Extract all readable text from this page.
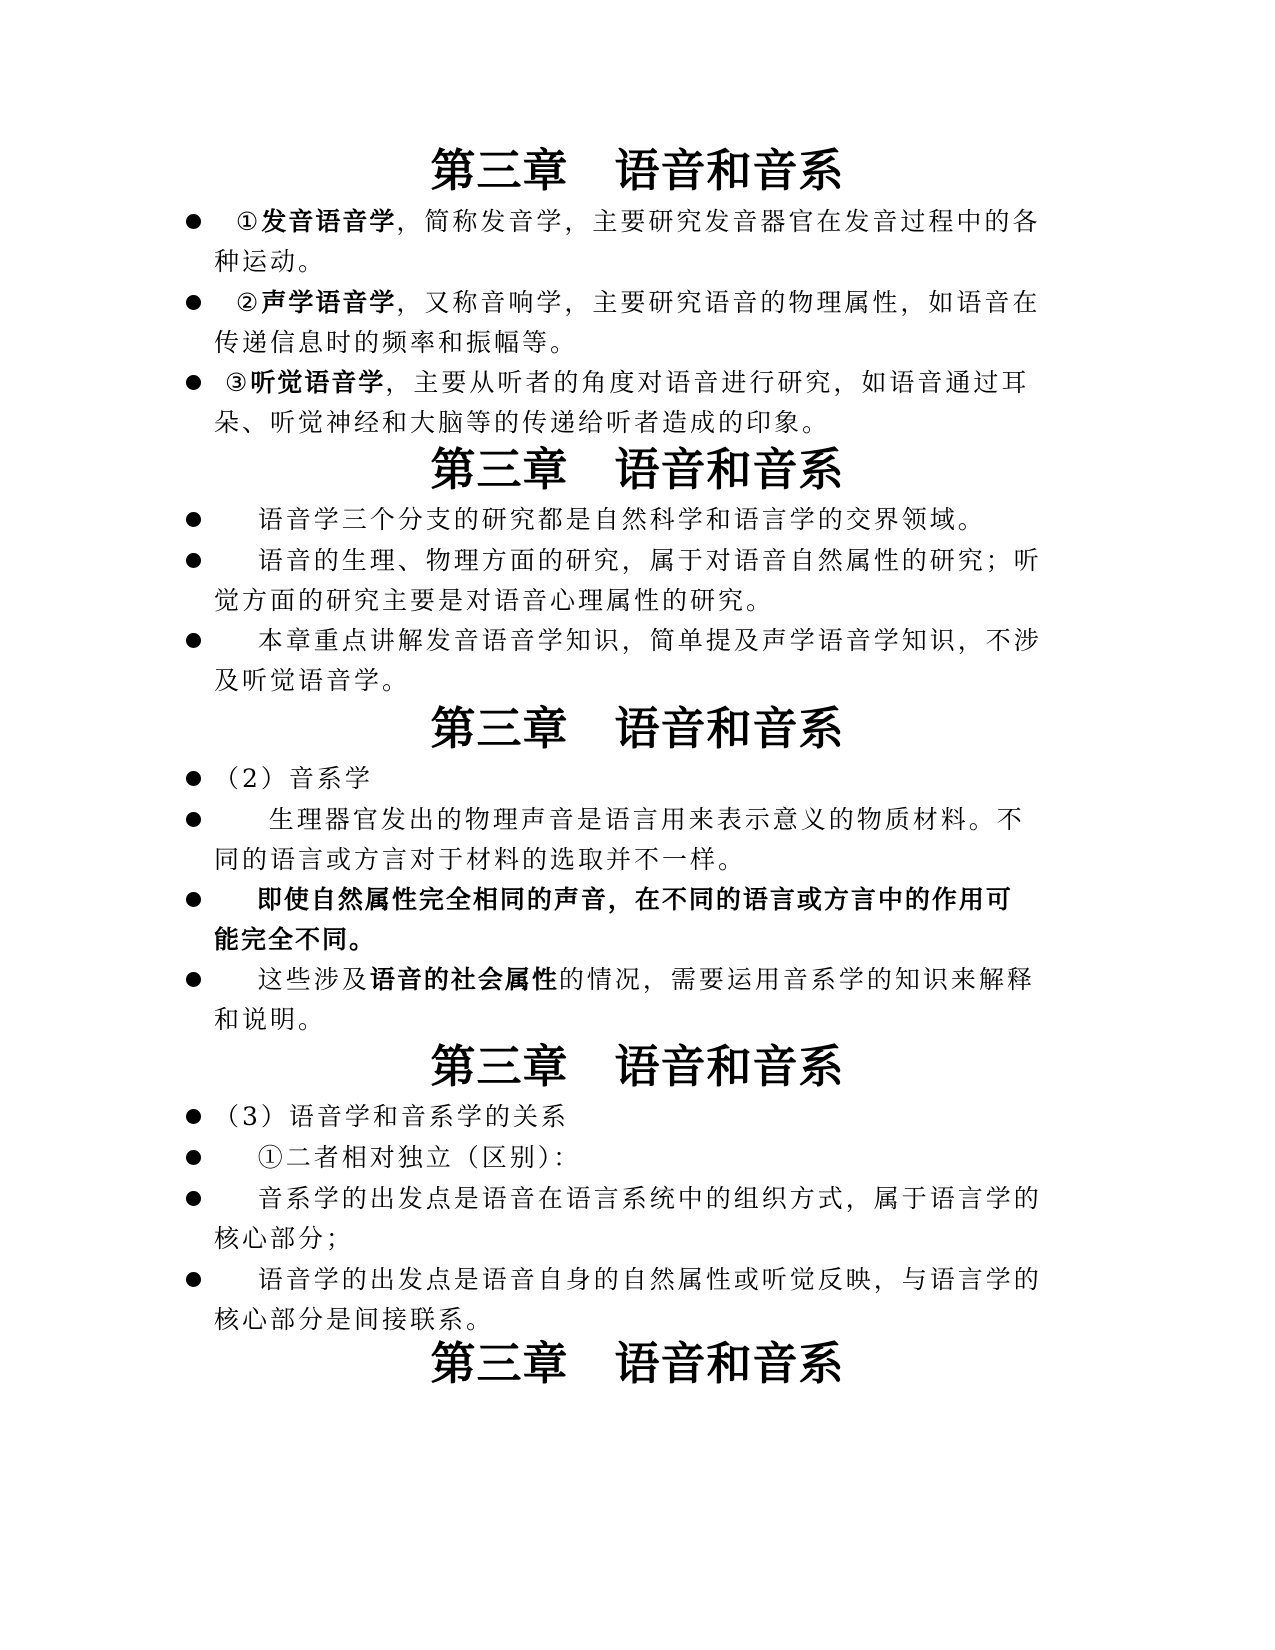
第三章　语音和音系
①发音语音学，简称发音学，主要研究发音器官在发音过程中的各
种运动。
②声学语音学，又称音响学，主要研究语音的物理属性，如语音在
传递信息时的频率和振幅等。
③听觉语音学，主要从听者的角度对语音进行研究，如语音通过耳
朵、听觉神经和大脑等的传递给听者造成的印象。
第三章　语音和音系
语音学三个分支的研究都是自然科学和语言学的交界领域。
语音的生理、物理方面的研究，属于对语音自然属性的研究；听
觉方面的研究主要是对语音心理属性的研究。
本章重点讲解发音语音学知识，简单提及声学语音学知识，不涉
及听觉语音学。
第三章　语音和音系
（2）音系学
生理器官发出的物理声音是语言用来表示意义的物质材料。不
同的语言或方言对于材料的选取并不一样。
即使自然属性完全相同的声音，在不同的语言或方言中的作用可
能完全不同。
这些涉及语音的社会属性的情况，需要运用音系学的知识来解释
和说明。
第三章　语音和音系
（3）语音学和音系学的关系
①二者相对独立（区别）：
音系学的出发点是语音在语言系统中的组织方式，属于语言学的
核心部分；
语音学的出发点是语音自身的自然属性或听觉反映，与语言学的
核心部分是间接联系。
第三章　语音和音系
